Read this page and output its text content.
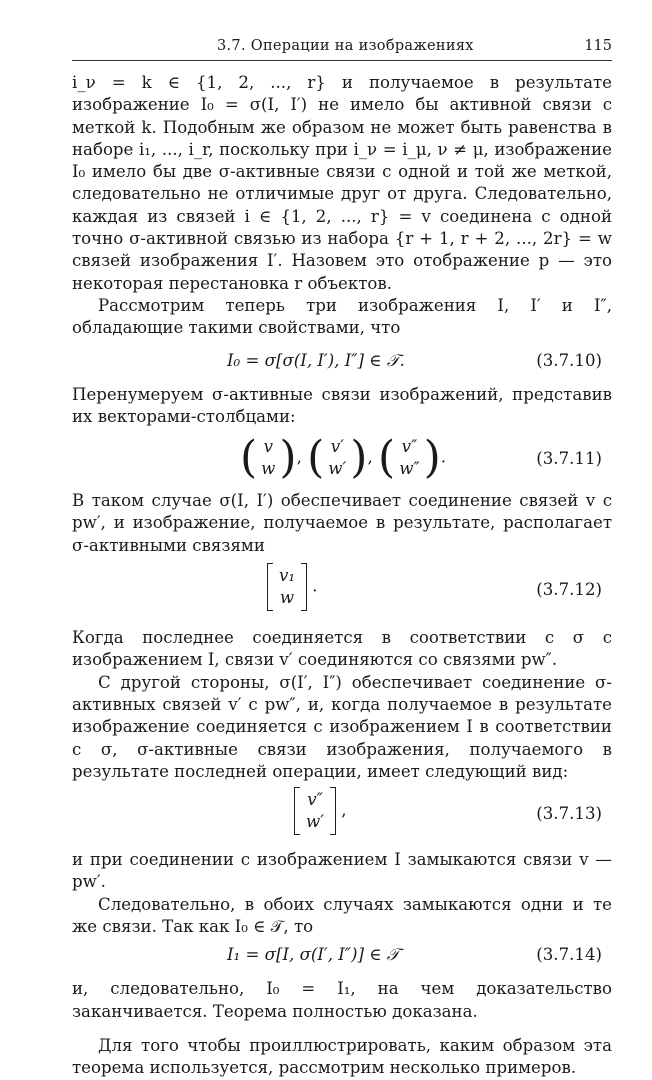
3.7. Операции на изображениях	115

i_ν = k ∈ {1, 2, ..., r} и получаемое в результате изображение I₀ = σ(I, I′) не имело бы активной связи с меткой k. Подобным же образом не может быть равенства в наборе i₁, ..., i_r, поскольку при i_ν = i_μ, ν ≠ μ, изображение I₀ имело бы две σ-активные связи с одной и той же меткой, следовательно не отличимые друг от друга. Следовательно, каждая из связей i ∈ {1, 2, ..., r} = v соединена с одной точно σ-активной связью из набора {r + 1, r + 2, ..., 2r} = w связей изображения I′. Назовем это отображение p — это некоторая перестановка r объектов.

Рассмотрим теперь три изображения I, I′ и I″, обладающие такими свойствами, что

I₀ = σ[σ(I, I′), I″] ∈ 𝒯.	(3.7.10)

Перенумеруем σ-активные связи изображений, представив их векторами-столбцами:

( v
w), ( v′
w′), ( v″
w″).	(3.7.11)

В таком случае σ(I, I′) обеспечивает соединение связей v с pw′, и изображение, получаемое в результате, располагает σ-активными связями

v₁
w .	(3.7.12)

Когда последнее соединяется в соответствии с σ с изображением I, связи v′ соединяются со связями pw″.

С другой стороны, σ(I′, I″) обеспечивает соединение σ-активных связей v′ с pw″, и, когда получаемое в результате изображение соединяется с изображением I в соответствии с σ, σ-активные связи изображения, получаемого в результате последней операции, имеет следующий вид:

v″
w′ ,	(3.7.13)

и при соединении с изображением I замыкаются связи v — pw′.

Следовательно, в обоих случаях замыкаются одни и те же связи. Так как I₀ ∈ 𝒯, то

I₁ = σ[I, σ(I′, I″)] ∈ 𝒯	(3.7.14)

и, следовательно, I₀ = I₁, на чем доказательство заканчивается. Теорема полностью доказана.

Для того чтобы проиллюстрировать, каким образом эта теорема используется, рассмотрим несколько примеров.
